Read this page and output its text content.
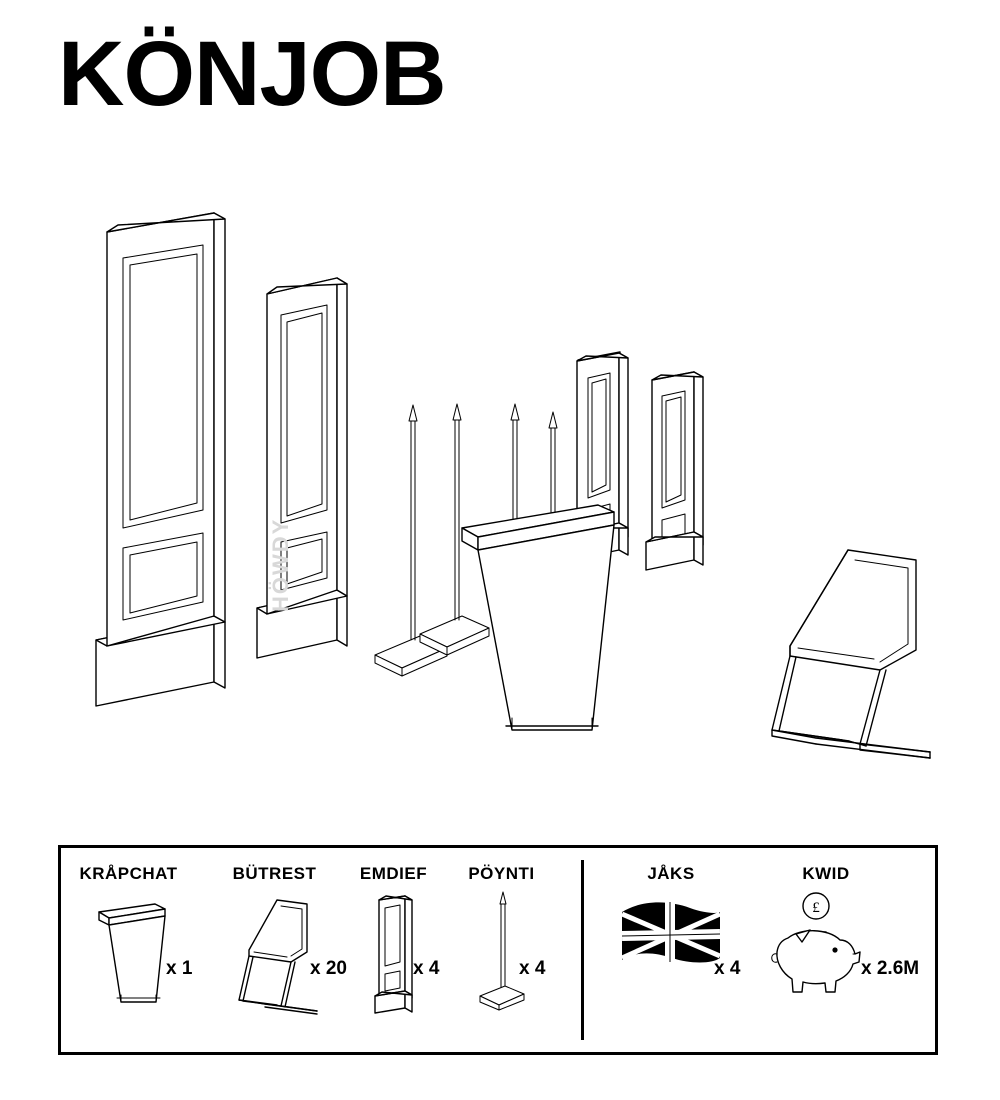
KÖNJOB
HÖWDY
KRÅPCHAT
x 1
BÜTREST
x 20
EMDIEF
x 4
PÖYNTI
x 4
JÅKS
x 4
KWID
£
x 2.6M
